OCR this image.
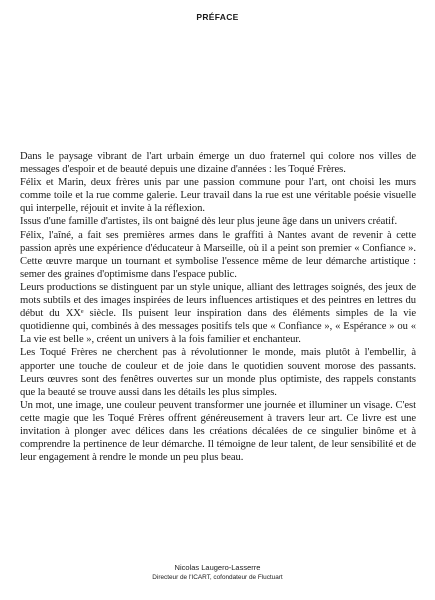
PRÉFACE

Dans le paysage vibrant de l'art urbain émerge un duo fraternel qui colore nos villes de messages d'espoir et de beauté depuis une dizaine d'années : les Toqué Frères.

Félix et Marin, deux frères unis par une passion commune pour l'art, ont choisi les murs comme toile et la rue comme galerie. Leur travail dans la rue est une véritable poésie visuelle qui interpelle, réjouit et invite à la réflexion.

Issus d'une famille d'artistes, ils ont baigné dès leur plus jeune âge dans un univers créatif.

Félix, l'aîné, a fait ses premières armes dans le graffiti à Nantes avant de revenir à cette passion après une expérience d'éducateur à Marseille, où il a peint son premier « Confiance ». Cette œuvre marque un tournant et symbolise l'essence même de leur démarche artistique : semer des graines d'optimisme dans l'espace public.

Leurs productions se distinguent par un style unique, alliant des lettrages soignés, des jeux de mots subtils et des images inspirées de leurs influences artistiques et des peintres en lettres du début du XXᵉ siècle. Ils puisent leur inspiration dans des éléments simples de la vie quotidienne qui, combinés à des messages positifs tels que « Confiance », « Espérance » ou « La vie est belle », créent un univers à la fois familier et enchanteur.

Les Toqué Frères ne cherchent pas à révolutionner le monde, mais plutôt à l'embellir, à apporter une touche de couleur et de joie dans le quotidien souvent morose des passants. Leurs œuvres sont des fenêtres ouvertes sur un monde plus optimiste, des rappels constants que la beauté se trouve aussi dans les détails les plus simples.

Un mot, une image, une couleur peuvent transformer une journée et illuminer un visage. C'est cette magie que les Toqué Frères offrent généreusement à travers leur art. Ce livre est une invitation à plonger avec délices dans les créations décalées de ce singulier binôme et à comprendre la pertinence de leur démarche. Il témoigne de leur talent, de leur sensibilité et de leur engagement à rendre le monde un peu plus beau.

Nicolas Laugero-Lasserre
Directeur de l'ICART, cofondateur de Fluctuart
